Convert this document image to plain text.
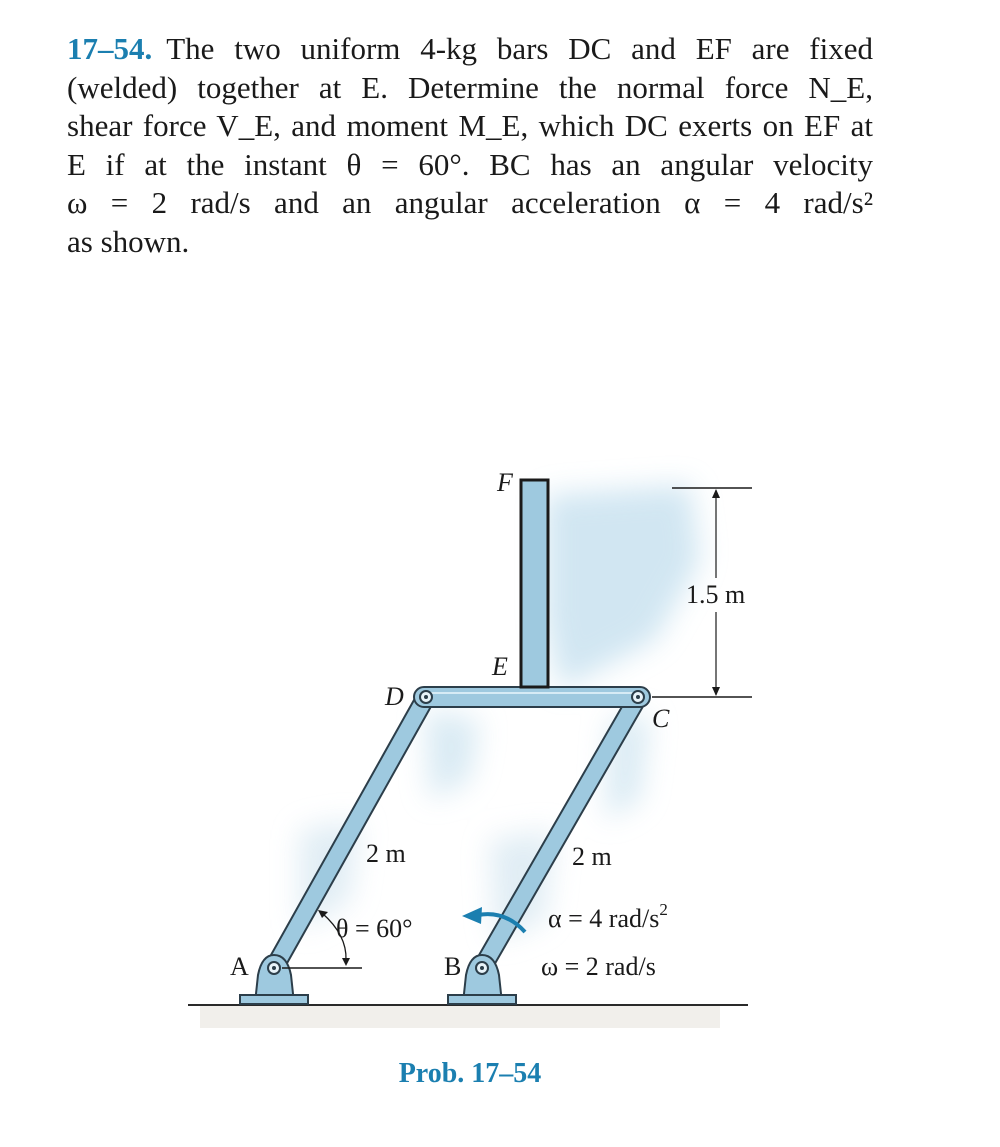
17–54. The two uniform 4-kg bars DC and EF are fixed
(welded) together at E. Determine the normal force N_E,
shear force V_E, and moment M_E, which DC exerts on EF at
E if at the instant θ = 60°. BC has an angular velocity
ω = 2 rad/s and an angular acceleration α = 4 rad/s²
as shown.
F
E
D
C
A	B
1.5 m
2 m	2 m
θ = 60°	α = 4 rad/$s^2$
ω = 2 rad/s
Prob. 17–54
